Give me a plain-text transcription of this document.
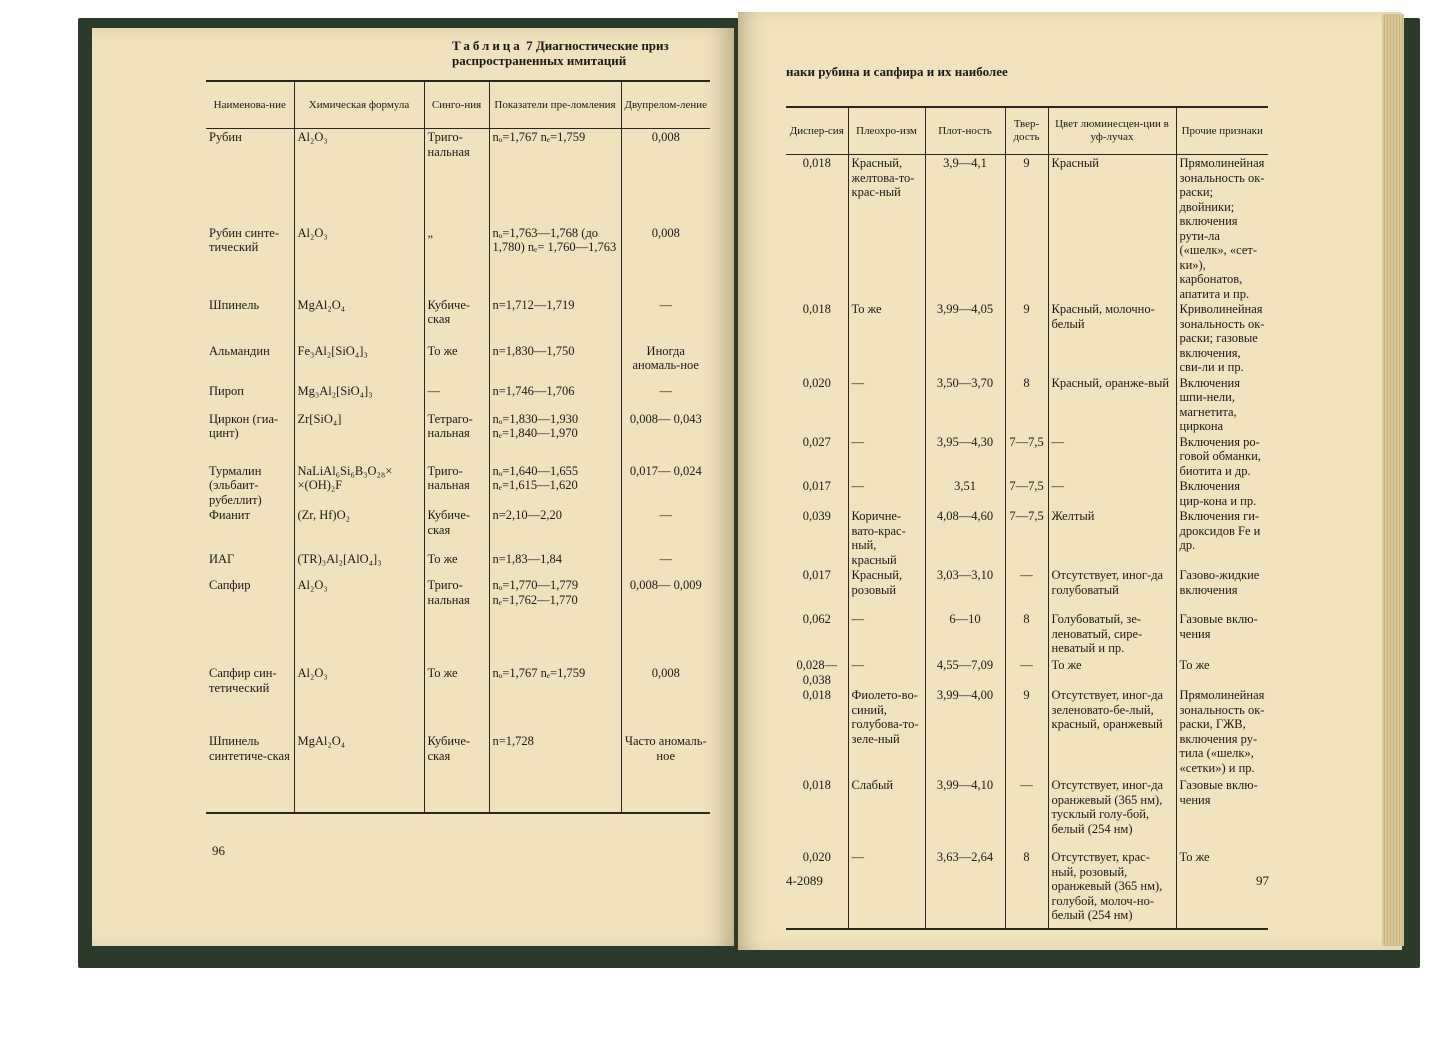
Таблица 7 Диагностические приз
распространенных имитаций
наки рубина и сапфира и их наиболее
Наименова-ние	Химическая формула	Синго-ния	Показатели пре-ломления	Двупрелом-ление
Рубин	Al₂O₃	Триго-нальная	nₒ=1,767 nₑ=1,759	0,008
Рубин синте-тический	Al₂O₃	„	nₒ=1,763—1,768 (до 1,780) nₑ= 1,760—1,763	0,008
Шпинель	MgAl₂O₄	Кубиче-ская	n=1,712—1,719	—
Альмандин	Fe₃Al₂[SiO₄]₃	То же	n=1,830—1,750	Иногда аномаль-ное
Пироп	Mg₃Al₂[SiO₄]₃	—	n=1,746—1,706	—
Циркон (гиа-цинт)	Zr[SiO₄]	Тетраго-нальная	nₒ=1,830—1,930 nₑ=1,840—1,970	0,008— 0,043
Турмалин (эльбаит-рубеллит)	NaLiAl₆Si₆B₃O₂₈× ×(OH)₂F	Триго-нальная	nₒ=1,640—1,655 nₑ=1,615—1,620	0,017— 0,024
Фианит	(Zr, Hf)O₂	Кубиче-ская	n=2,10—2,20	—
ИАГ	(TR)₃Al₂[AlO₄]₃	То же	n=1,83—1,84	—
Сапфир	Al₂O₃	Триго-нальная	nₒ=1,770—1,779 nₑ=1,762—1,770	0,008— 0,009
Сапфир син-тетический	Al₂O₃	То же	nₒ=1,767 nₑ=1,759	0,008
Шпинель синтетиче-ская	MgAl₂O₄	Кубиче-ская	n=1,728	Часто аномаль-ное
Диспер-сия	Плеохро-изм	Плот-ность	Твер-дость	Цвет люминесцен-ции в уф-лучах	Прочие признаки
0,018	Красный, желтова-то-крас-ный	3,9—4,1	9	Красный	Прямолинейная зональность ок-раски; двойники; включения рути-ла («шелк», «сет-ки»), карбонатов, апатита и пр.
0,018	То же	3,99—4,05	9	Красный, молочно-белый	Криволинейная зональность ок-раски; газовые включения, сви-ли и пр.
0,020	—	3,50—3,70	8	Красный, оранже-вый	Включения шпи-нели, магнетита, циркона
0,027	—	3,95—4,30	7—7,5	—	Включения ро-говой обманки, биотита и др.
0,017	—	3,51	7—7,5	—	Включения цир-кона и пр.
0,039	Коричне-вато-крас-ный, красный	4,08—4,60	7—7,5	Желтый	Включения ги-дроксидов Fe и др.
0,017	Красный, розовый	3,03—3,10	—	Отсутствует, иног-да голубоватый	Газово-жидкие включения
0,062	—	6—10	8	Голубоватый, зе-леноватый, сире-неватый и пр.	Газовые вклю-чения
0,028— 0,038	—	4,55—7,09	—	То же	То же
0,018	Фиолето-во-синий, голубова-то-зеле-ный	3,99—4,00	9	Отсутствует, иног-да зеленовато-бе-лый, красный, оранжевый	Прямолинейная зональность ок-раски, ГЖВ, включения ру-тила («шелк», «сетки») и пр.
0,018	Слабый	3,99—4,10	—	Отсутствует, иног-да оранжевый (365 нм), тусклый голу-бой, белый (254 нм)	Газовые вклю-чения
0,020	—	3,63—2,64	8	Отсутствует, крас-ный, розовый, оранжевый (365 нм), голубой, молоч-но-белый (254 нм)	То же
96
4-2089	97
